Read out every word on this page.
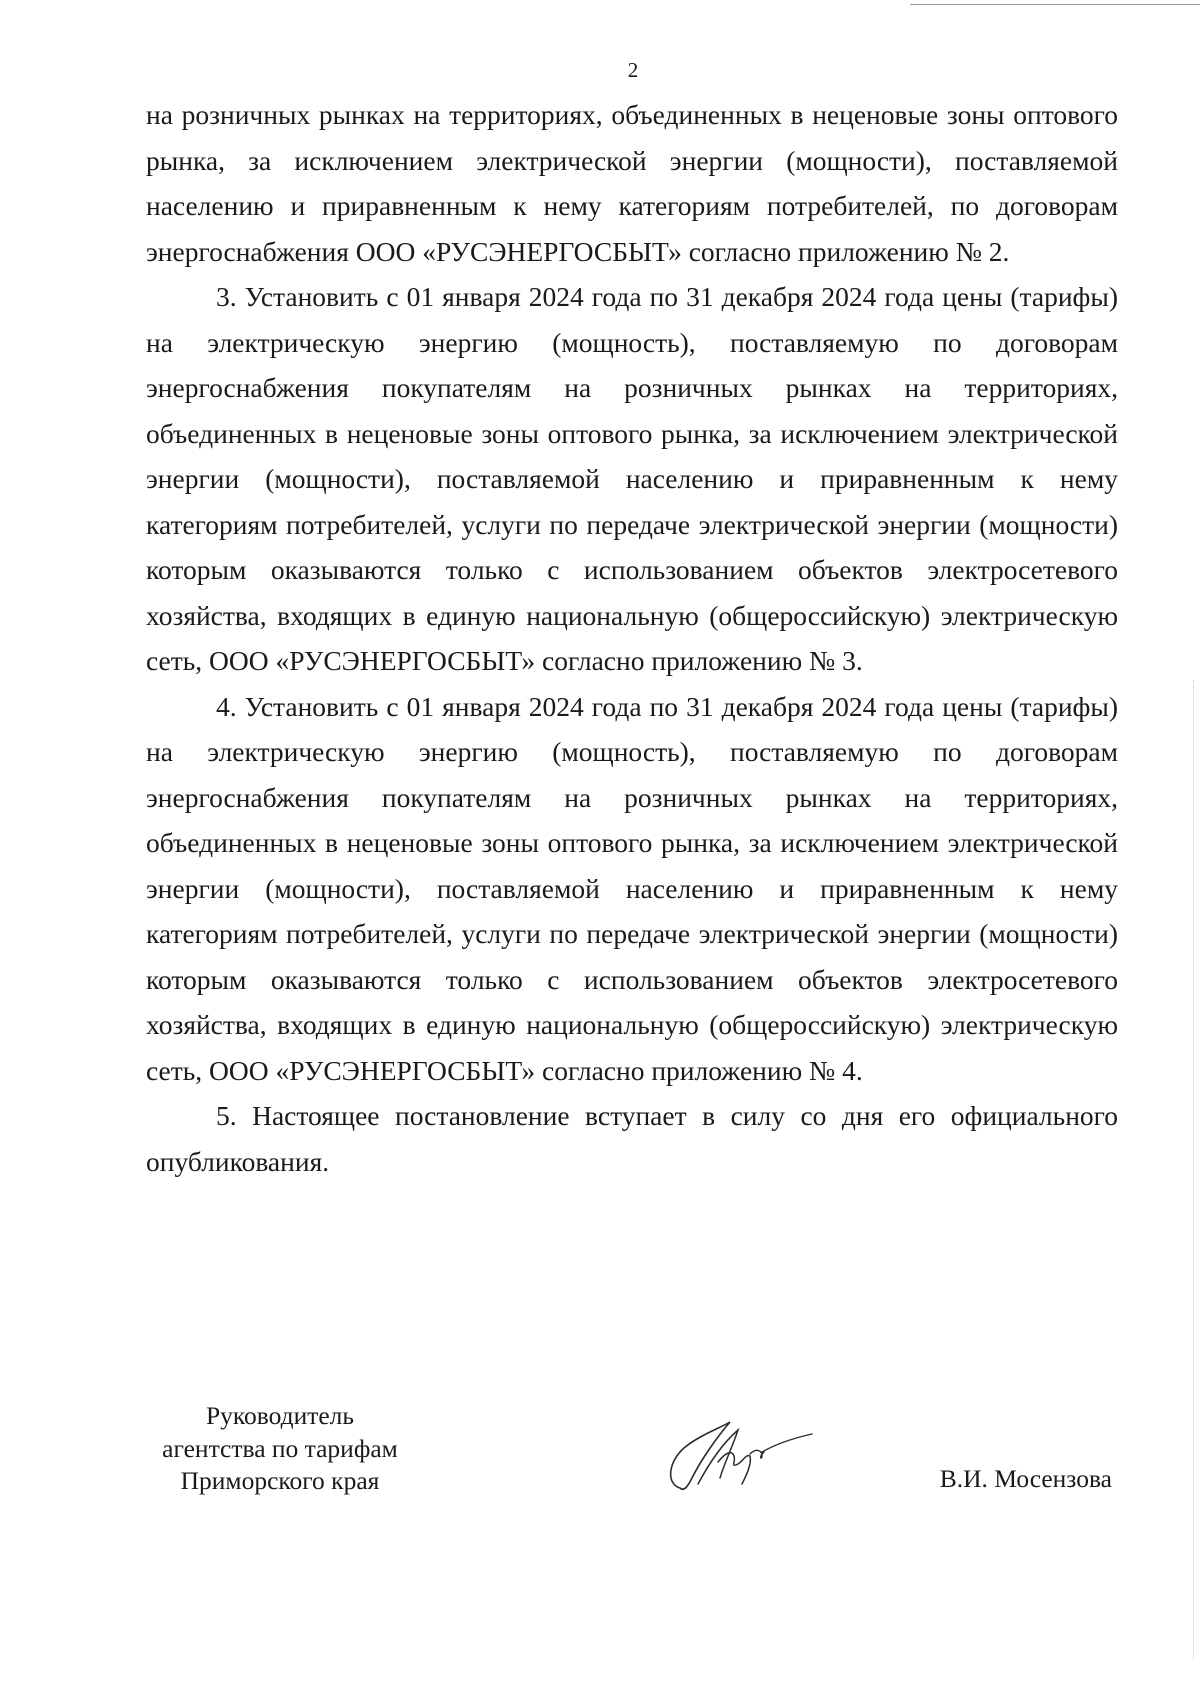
2

на розничных рынках на территориях, объединенных в неценовые зоны оптового рынка, за исключением электрической энергии (мощности), поставляемой населению и приравненным к нему категориям потребителей, по договорам энергоснабжения ООО «РУСЭНЕРГОСБЫТ» согласно приложению № 2.

3. Установить с 01 января 2024 года по 31 декабря 2024 года цены (тарифы) на электрическую энергию (мощность), поставляемую по договорам энергоснабжения покупателям на розничных рынках на территориях, объединенных в неценовые зоны оптового рынка, за исключением электрической энергии (мощности), поставляемой населению и приравненным к нему категориям потребителей, услуги по передаче электрической энергии (мощности) которым оказываются только с использованием объектов электросетевого хозяйства, входящих в единую национальную (общероссийскую) электрическую сеть, ООО «РУСЭНЕРГОСБЫТ» согласно приложению № 3.

4. Установить с 01 января 2024 года по 31 декабря 2024 года цены (тарифы) на электрическую энергию (мощность), поставляемую по договорам энергоснабжения покупателям на розничных рынках на территориях, объединенных в неценовые зоны оптового рынка, за исключением электрической энергии (мощности), поставляемой населению и приравненным к нему категориям потребителей, услуги по передаче электрической энергии (мощности) которым оказываются только с использованием объектов электросетевого хозяйства, входящих в единую национальную (общероссийскую) электрическую сеть, ООО «РУСЭНЕРГОСБЫТ» согласно приложению № 4.

5. Настоящее постановление вступает в силу со дня его официального опубликования.

Руководитель
агентства по тарифам
Приморского края	В.И. Мосензова
